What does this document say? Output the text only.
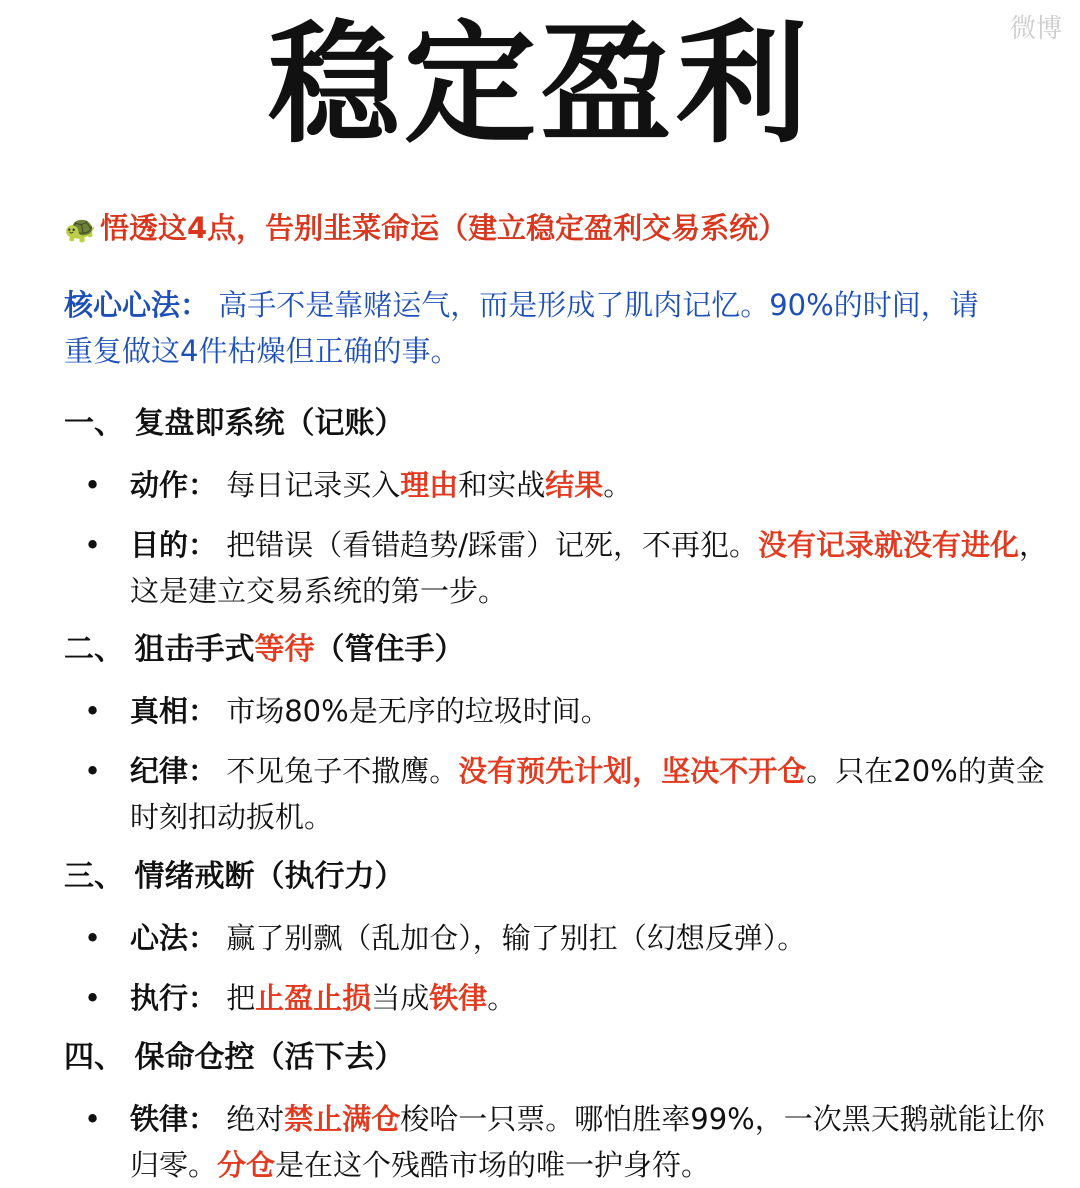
稳定盈利
🐢 悟透这4点，告别韭菜命运（建立稳定盈利交易系统）
核心心法： 高手不是靠赌运气，而是形成了肌肉记忆。90%的时间，请重复做这4件枯燥但正确的事。
一、 复盘即系统（记账）
• 动作： 每日记录买入理由和实战结果。
• 目的： 把错误（看错趋势/踩雷）记死，不再犯。没有记录就没有进化，这是建立交易系统的第一步。
二、 狙击手式等待（管住手）
• 真相： 市场80%是无序的垃圾时间。
• 纪律： 不见兔子不撒鹰。没有预先计划，坚决不开仓。只在20%的黄金时刻扣动扳机。
三、 情绪戒断（执行力）
• 心法： 赢了别飘（乱加仓），输了别扛（幻想反弹）。
• 执行： 把止盈止损当成铁律。
四、 保命仓控（活下去）
• 铁律： 绝对禁止满仓梭哈一只票。哪怕胜率99%，一次黑天鹅就能让你归零。分仓是在这个残酷市场的唯一护身符。
微博
